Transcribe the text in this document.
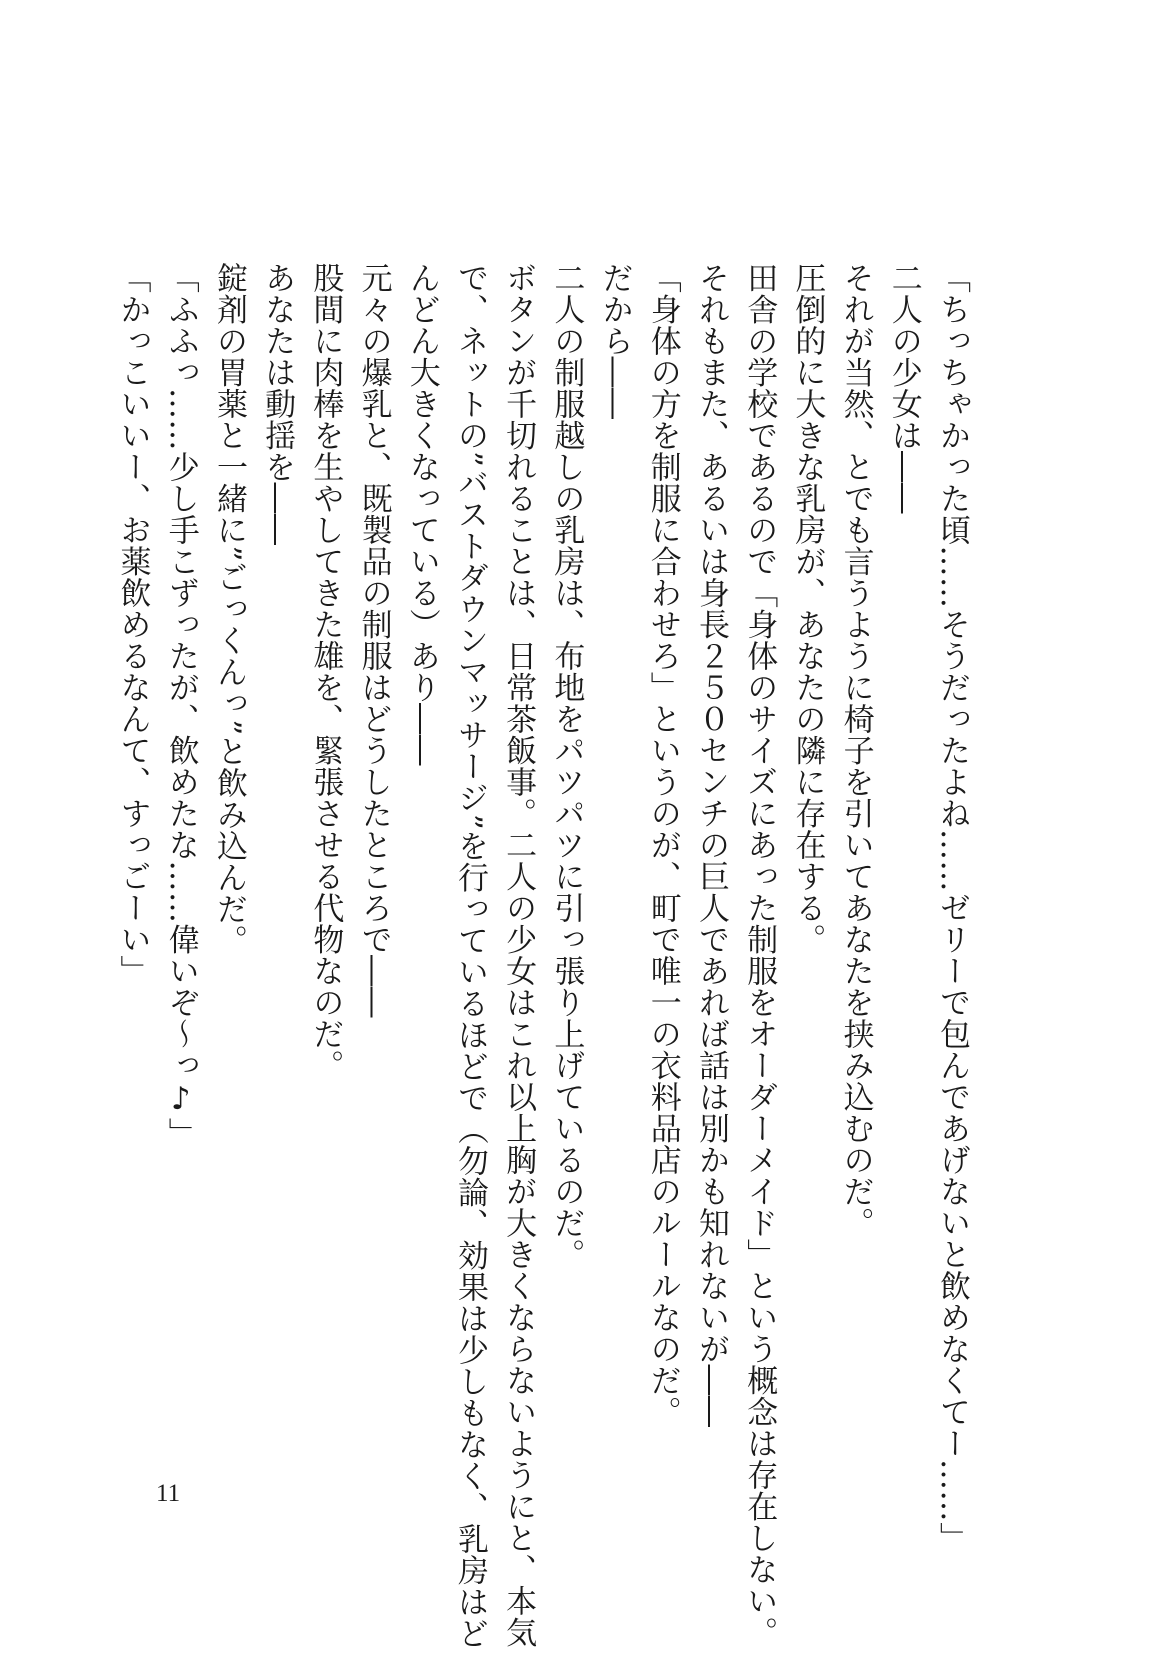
「ちっちゃかった頃……そうだったよね……ゼリーで包んであげないと飲めなくてー……」
二人の少女は――
それが当然、とでも言うように椅子を引いてあなたを挟み込むのだ。
圧倒的に大きな乳房が、あなたの隣に存在する。
田舎の学校であるので「身体のサイズにあった制服をオーダーメイド」という概念は存在しない。
それもまた、あるいは身長２５０センチの巨人であれば話は別かも知れないが――
「身体の方を制服に合わせろ」というのが、町で唯一の衣料品店のルールなのだ。
だから――
二人の制服越しの乳房は、布地をパツパツに引っ張り上げているのだ。
ボタンが千切れることは、日常茶飯事。二人の少女はこれ以上胸が大きくならないようにと、本気
で、ネットの”バストダウンマッサージ”を行っているほどで（勿論、効果は少しもなく、乳房はど
んどん大きくなっている）あり――
元々の爆乳と、既製品の制服はどうしたところで――
股間に肉棒を生やしてきた雄を、緊張させる代物なのだ。
あなたは動揺を――
錠剤の胃薬と一緒に”ごっくんっ”と飲み込んだ。
「ふふっ……少し手こずったが、飲めたな……偉いぞ～っ♪」
「かっこいいー、お薬飲めるなんて、すっごーい」
11
